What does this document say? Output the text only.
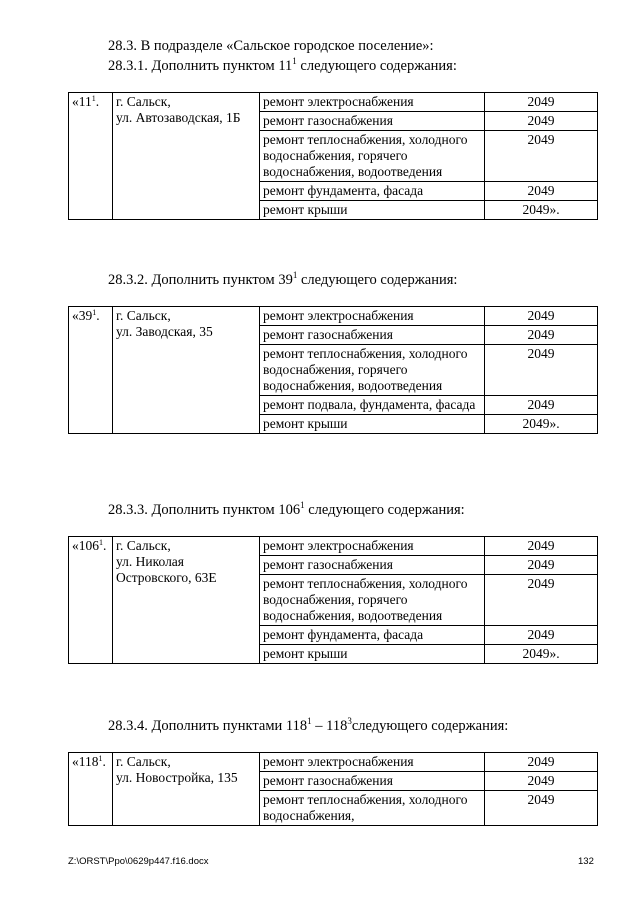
28.3. В подразделе «Сальское городское поселение»:
28.3.1. Дополнить пунктом $11^1$ следующего содержания:
«$11^1$.	г. Сальск,
ул. Автозаводская, 1Б	ремонт электроснабжения	2049
		ремонт газоснабжения	2049
		ремонт теплоснабжения, холодного водоснабжения, горячего водоснабжения, водоотведения	2049
		ремонт фундамента, фасада	2049
		ремонт крыши	2049».
28.3.2. Дополнить пунктом $39^1$ следующего содержания:
«$39^1$.	г. Сальск,
ул. Заводская, 35	ремонт электроснабжения	2049
		ремонт газоснабжения	2049
		ремонт теплоснабжения, холодного водоснабжения, горячего водоснабжения, водоотведения	2049
		ремонт подвала, фундамента, фасада	2049
		ремонт крыши	2049».
28.3.3. Дополнить пунктом $106^1$ следующего содержания:
«$106^1$.	г. Сальск,
ул. Николая Островского, 63Е	ремонт электроснабжения	2049
		ремонт газоснабжения	2049
		ремонт теплоснабжения, холодного водоснабжения, горячего водоснабжения, водоотведения	2049
		ремонт фундамента, фасада	2049
		ремонт крыши	2049».
28.3.4. Дополнить пунктами $118^1$ – $118^3следующего$ содержания:
«$118^1$.	г. Сальск,
ул. Новостройка, 135	ремонт электроснабжения	2049
		ремонт газоснабжения	2049
		ремонт теплоснабжения, холодного водоснабжения,	2049
Z:\ORST\Ppo\0629p447.f16.docx	132
